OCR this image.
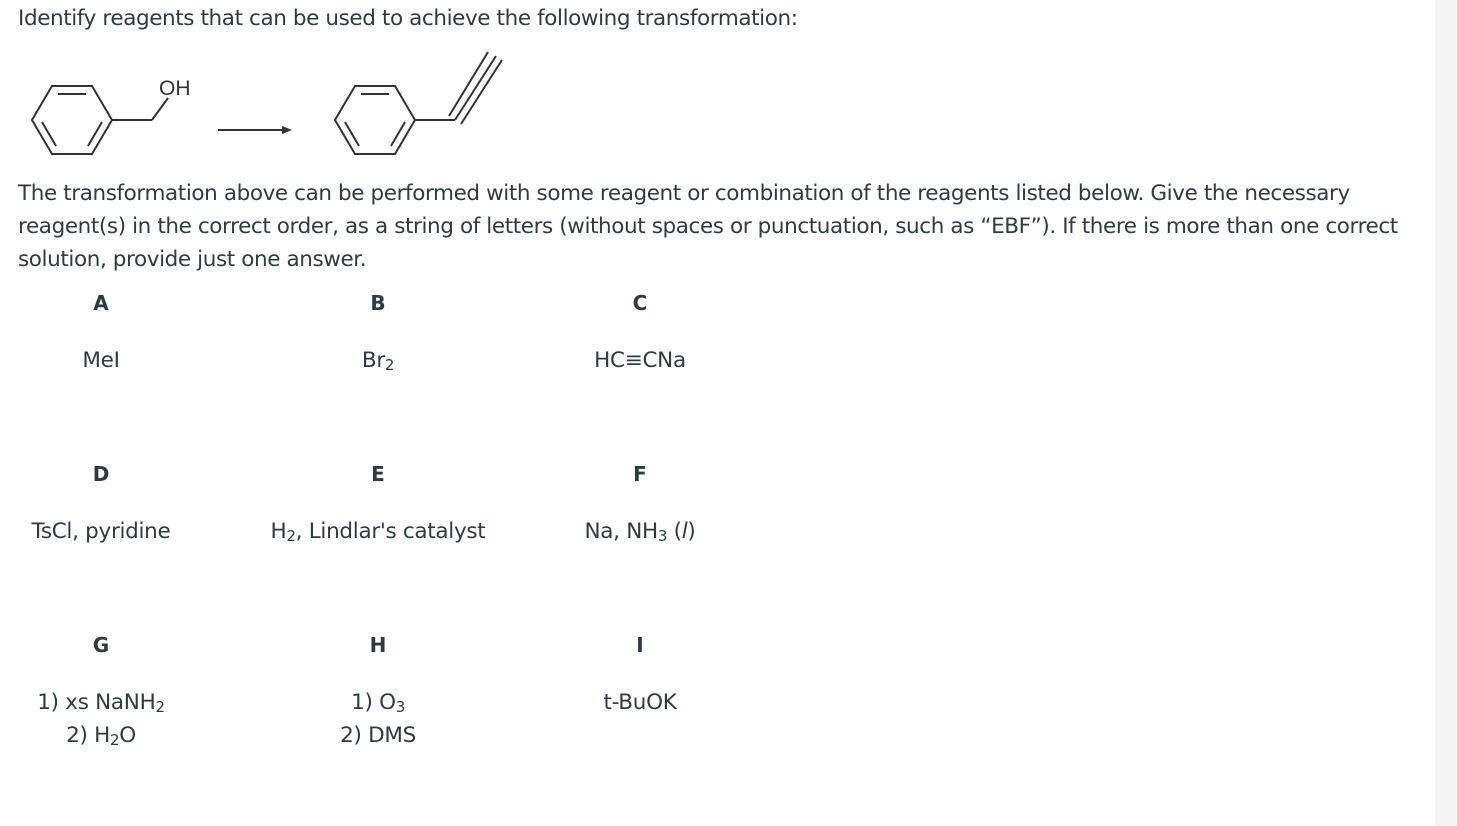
Identify reagents that can be used to achieve the following transformation:
OH
The transformation above can be performed with some reagent or combination of the reagents listed below. Give the necessary reagent(s) in the correct order, as a string of letters (without spaces or punctuation, such as “EBF”). If there is more than one correct solution, provide just one answer.
A
MeI
B
$Br_2$
C
HC≡CNa
D
TsCl, pyridine
E
$H_2$, Lindlar's catalyst
F
Na, $NH_3$ (l)
G
1) xs NaNH$_2$
2) $H_2O$
H
1) $O_3$
2) DMS
I
t-BuOK
